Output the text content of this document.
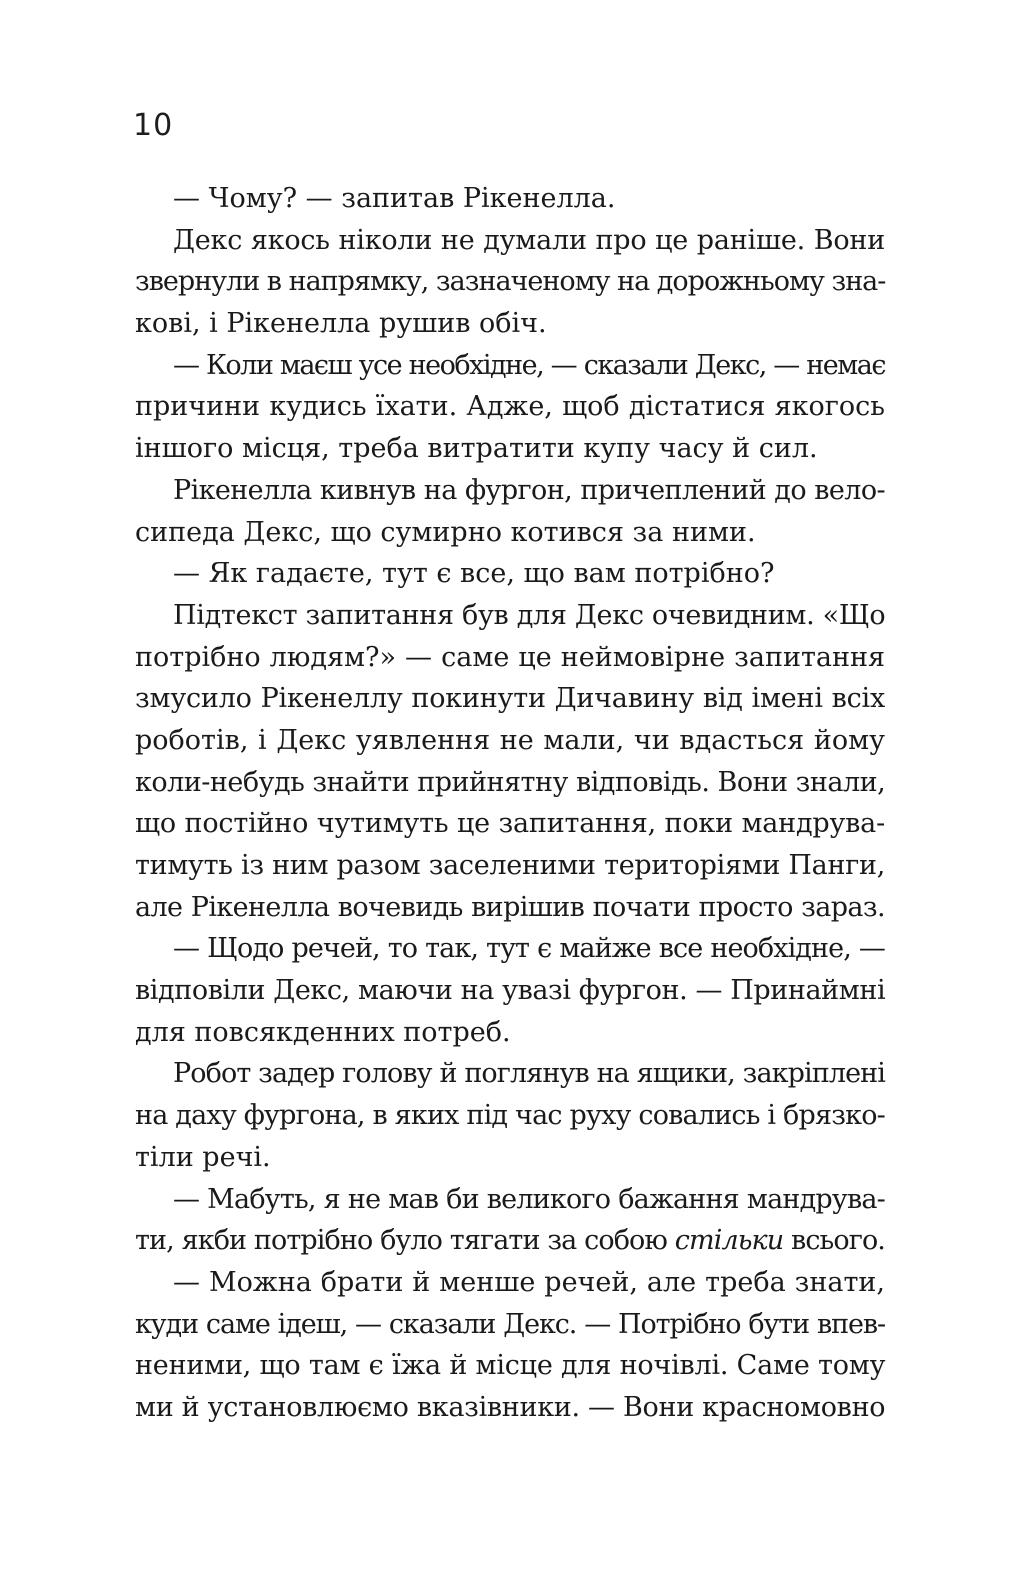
10
— Чому? — запитав Рікенелла.
Декс якось ніколи не думали про це раніше. Вони
звернули в напрямку, зазначеному на дорожньому зна-
кові, і Рікенелла рушив обіч.
— Коли маєш усе необхідне, — сказали Декс, — немає
причини кудись їхати. Адже, щоб дістатися якогось
іншого місця, треба витратити купу часу й сил.
Рікенелла кивнув на фургон, причеплений до вело-
сипеда Декс, що сумирно котився за ними.
— Як гадаєте, тут є все, що вам потрібно?
Підтекст запитання був для Декс очевидним. «Що
потрібно людям?» — саме це неймовірне запитання
змусило Рікенеллу покинути Дичавину від імені всіх
роботів, і Декс уявлення не мали, чи вдасться йому
коли-небудь знайти прийнятну відповідь. Вони знали,
що постійно чутимуть це запитання, поки мандрува-
тимуть із ним разом заселеними територіями Панги,
але Рікенелла вочевидь вирішив почати просто зараз.
— Щодо речей, то так, тут є майже все необхідне, —
відповіли Декс, маючи на увазі фургон. — Принаймні
для повсякденних потреб.
Робот задер голову й поглянув на ящики, закріплені
на даху фургона, в яких під час руху совались і брязко-
тіли речі.
— Мабуть, я не мав би великого бажання мандрува-
ти, якби потрібно було тягати за собою стільки всього.
— Можна брати й менше речей, але треба знати,
куди саме ідеш, — сказали Декс. — Потрібно бути впев-
неними, що там є їжа й місце для ночівлі. Саме тому
ми й установлюємо вказівники. — Вони красномовно
